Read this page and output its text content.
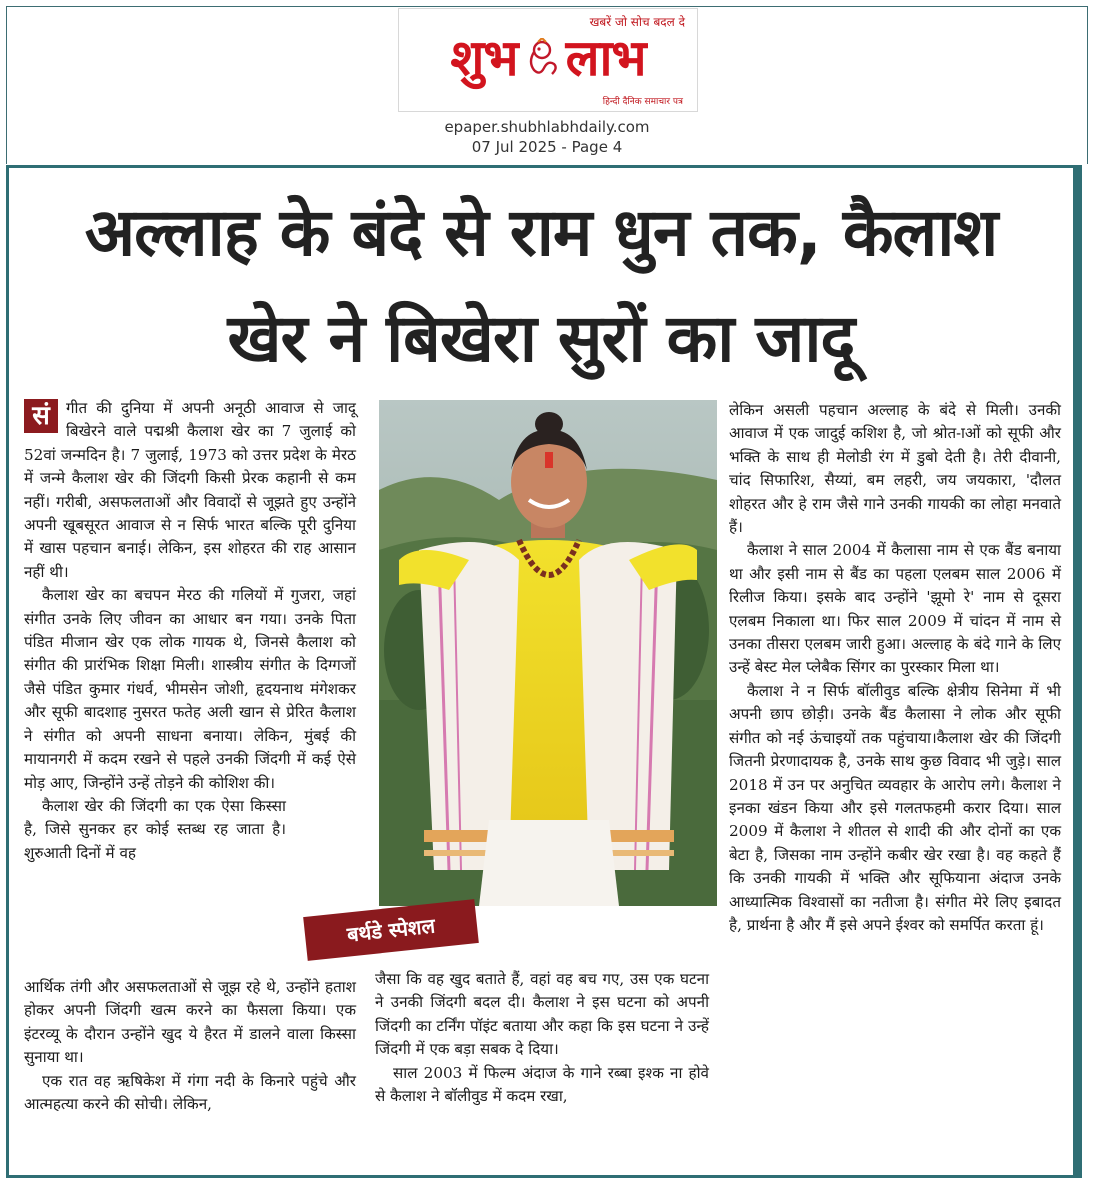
खबरें जो सोच बदल दे
शुभ लाभ
हिन्दी दैनिक समाचार पत्र
epaper.shubhlabhdaily.com
07 Jul 2025 - Page 4
अल्लाह के बंदे से राम धुन तक, कैलाश
खेर ने बिखेरा सुरों का जादू

सं	गीत की दुनिया में अपनी अनूठी आवाज से जादू बिखेरने वाले पद्मश्री कैलाश खेर का 7 जुलाई को 52वां जन्मदिन है। 7 जुलाई, 1973 को उत्तर प्रदेश के मेरठ में जन्मे कैलाश खेर की जिंदगी किसी प्रेरक कहानी से कम नहीं। गरीबी, असफलताओं और विवादों से जूझते हुए उन्होंने अपनी खूबसूरत आवाज से न सिर्फ भारत बल्कि पूरी दुनिया में खास पहचान बनाई। लेकिन, इस शोहरत की राह आसान नहीं थी।

कैलाश खेर का बचपन मेरठ की गलियों में गुजरा, जहां संगीत उनके लिए जीवन का आधार बन गया। उनके पिता पंडित मीजान खेर एक लोक गायक थे, जिनसे कैलाश को संगीत की प्रारंभिक शिक्षा मिली। शास्त्रीय संगीत के दिग्गजों जैसे पंडित कुमार गंधर्व, भीमसेन जोशी, हृदयनाथ मंगेशकर और सूफी बादशाह नुसरत फतेह अली खान से प्रेरित कैलाश ने संगीत को अपनी साधना बनाया। लेकिन, मुंबई की मायानगरी में कदम रखने से पहले उनकी जिंदगी में कई ऐसे मोड़ आए, जिन्होंने उन्हें तोड़ने की कोशिश की।

कैलाश खेर की जिंदगी का एक ऐसा किस्सा है, जिसे सुनकर हर कोई स्तब्ध रह जाता है। शुरुआती दिनों में वह

आर्थिक तंगी और असफलताओं से जूझ रहे थे, उन्होंने हताश होकर अपनी जिंदगी खत्म करने का फैसला किया। एक इंटरव्यू के दौरान उन्होंने खुद ये हैरत में डालने वाला किस्सा सुनाया था।

एक रात वह ऋषिकेश में गंगा नदी के किनारे पहुंचे और आत्महत्या करने की सोची। लेकिन,

बर्थडे स्पेशल

जैसा कि वह खुद बताते हैं, वहां वह बच गए, उस एक घटना ने उनकी जिंदगी बदल दी। कैलाश ने इस घटना को अपनी जिंदगी का टर्निंग पॉइंट बताया और कहा कि इस घटना ने उन्हें जिंदगी में एक बड़ा सबक दे दिया।

साल 2003 में फिल्म अंदाज के गाने रब्बा इश्क ना होवे से कैलाश ने बॉलीवुड में कदम रखा,

लेकिन असली पहचान अल्लाह के बंदे से मिली। उनकी आवाज में एक जादुई कशिश है, जो श्रोत-ाओं को सूफी और भक्ति के साथ ही मेलोडी रंग में डुबो देती है। तेरी दीवानी, चांद सिफारिश, सैय्यां, बम लहरी, जय जयकारा, 'दौलत शोहरत और हे राम जैसे गाने उनकी गायकी का लोहा मनवाते हैं।

कैलाश ने साल 2004 में कैलासा नाम से एक बैंड बनाया था और इसी नाम से बैंड का पहला एलबम साल 2006 में रिलीज किया। इसके बाद उन्होंने 'झूमो रे' नाम से दूसरा एलबम निकाला था। फिर साल 2009 में चांदन में नाम से उनका तीसरा एलबम जारी हुआ। अल्लाह के बंदे गाने के लिए उन्हें बेस्ट मेल प्लेबैक सिंगर का पुरस्कार मिला था।

कैलाश ने न सिर्फ बॉलीवुड बल्कि क्षेत्रीय सिनेमा में भी अपनी छाप छोड़ी। उनके बैंड कैलासा ने लोक और सूफी संगीत को नई ऊंचाइयों तक पहुंचाया।कैलाश खेर की जिंदगी जितनी प्रेरणादायक है, उनके साथ कुछ विवाद भी जुड़े। साल 2018 में उन पर अनुचित व्यवहार के आरोप लगे। कैलाश ने इनका खंडन किया और इसे गलतफहमी करार दिया। साल 2009 में कैलाश ने शीतल से शादी की और दोनों का एक बेटा है, जिसका नाम उन्होंने कबीर खेर रखा है। वह कहते हैं कि उनकी गायकी में भक्ति और सूफियाना अंदाज उनके आध्यात्मिक विश्वासों का नतीजा है। संगीत मेरे लिए इबादत है, प्रार्थना है और मैं इसे अपने ईश्वर को समर्पित करता हूं।
